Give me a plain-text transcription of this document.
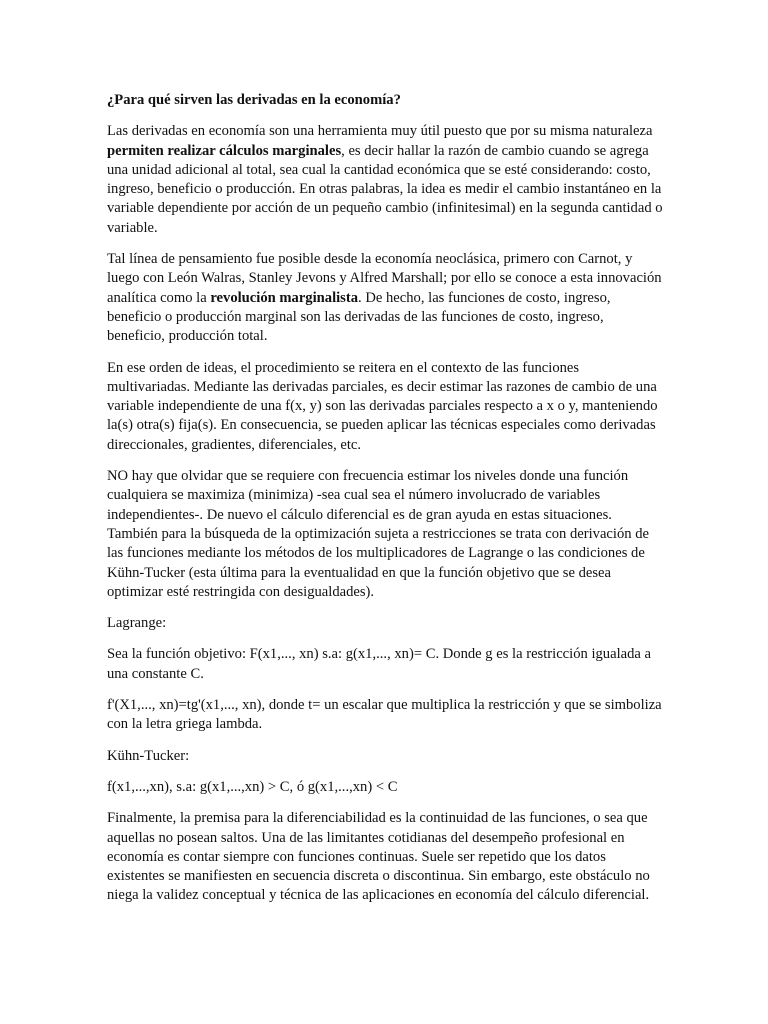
¿Para qué sirven las derivadas en la economía?

Las derivadas en economía son una herramienta muy útil puesto que por su misma naturaleza permiten realizar cálculos marginales, es decir hallar la razón de cambio cuando se agrega una unidad adicional al total, sea cual la cantidad económica que se esté considerando: costo, ingreso, beneficio o producción. En otras palabras, la idea es medir el cambio instantáneo en la variable dependiente por acción de un pequeño cambio (infinitesimal) en la segunda cantidad o variable.

Tal línea de pensamiento fue posible desde la economía neoclásica, primero con Carnot, y luego con León Walras, Stanley Jevons y Alfred Marshall; por ello se conoce a esta innovación analítica como la revolución marginalista. De hecho, las funciones de costo, ingreso, beneficio o producción marginal son las derivadas de las funciones de costo, ingreso, beneficio, producción total.

En ese orden de ideas, el procedimiento se reitera en el contexto de las funciones multivariadas. Mediante las derivadas parciales, es decir estimar las razones de cambio de una variable independiente de una f(x, y) son las derivadas parciales respecto a x o y, manteniendo la(s) otra(s) fija(s). En consecuencia, se pueden aplicar las técnicas especiales como derivadas direccionales, gradientes, diferenciales, etc.

NO hay que olvidar que se requiere con frecuencia estimar los niveles donde una función cualquiera se maximiza (minimiza) -sea cual sea el número involucrado de variables independientes-. De nuevo el cálculo diferencial es de gran ayuda en estas situaciones. También para la búsqueda de la optimización sujeta a restricciones se trata con derivación de las funciones mediante los métodos de los multiplicadores de Lagrange o las condiciones de Kühn-Tucker (esta última para la eventualidad en que la función objetivo que se desea optimizar esté restringida con desigualdades).

Lagrange:

Sea la función objetivo: F(x1,..., xn) s.a: g(x1,..., xn)= C. Donde g es la restricción igualada a una constante C.

f'(X1,..., xn)=tg'(x1,..., xn), donde t= un escalar que multiplica la restricción y que se simboliza con la letra griega lambda.

Kühn-Tucker:

f(x1,...,xn), s.a: g(x1,...,xn) > C, ó g(x1,...,xn) < C

Finalmente, la premisa para la diferenciabilidad es la continuidad de las funciones, o sea que aquellas no posean saltos. Una de las limitantes cotidianas del desempeño profesional en economía es contar siempre con funciones continuas. Suele ser repetido que los datos existentes se manifiesten en secuencia discreta o discontinua. Sin embargo, este obstáculo no niega la validez conceptual y técnica de las aplicaciones en economía del cálculo diferencial.
